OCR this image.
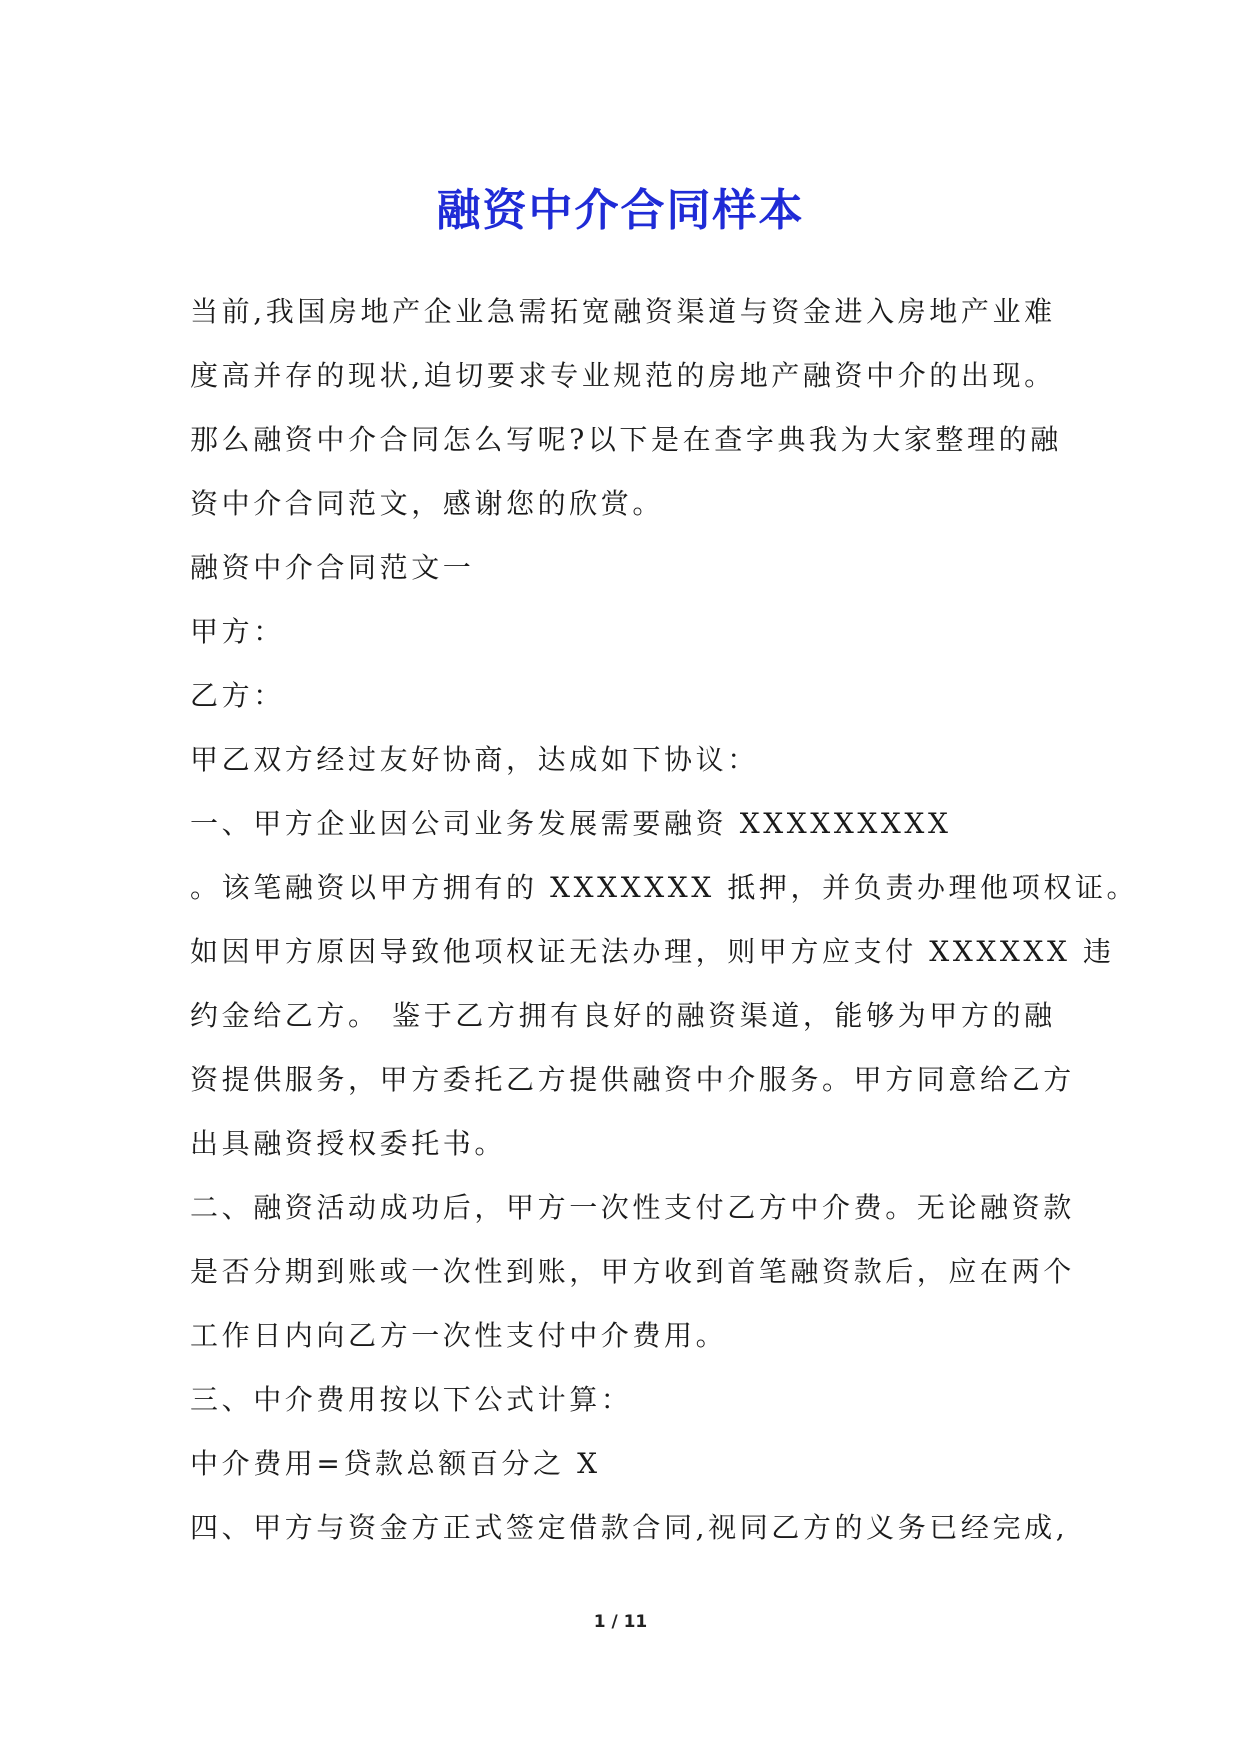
融资中介合同样本
当前,我国房地产企业急需拓宽融资渠道与资金进入房地产业难
度高并存的现状,迫切要求专业规范的房地产融资中介的出现。
那么融资中介合同怎么写呢?以下是在查字典我为大家整理的融
资中介合同范文，感谢您的欣赏。
融资中介合同范文一
甲方：
乙方：
甲乙双方经过友好协商，达成如下协议：
一、甲方企业因公司业务发展需要融资 XXXXXXXXX
。该笔融资以甲方拥有的 XXXXXXX 抵押，并负责办理他项权证。
如因甲方原因导致他项权证无法办理，则甲方应支付 XXXXXX 违
约金给乙方。 鉴于乙方拥有良好的融资渠道，能够为甲方的融
资提供服务，甲方委托乙方提供融资中介服务。甲方同意给乙方
出具融资授权委托书。
二、融资活动成功后，甲方一次性支付乙方中介费。无论融资款
是否分期到账或一次性到账，甲方收到首笔融资款后，应在两个
工作日内向乙方一次性支付中介费用。
三、中介费用按以下公式计算：
中介费用=贷款总额百分之 X
四、甲方与资金方正式签定借款合同,视同乙方的义务已经完成,
1 / 11
